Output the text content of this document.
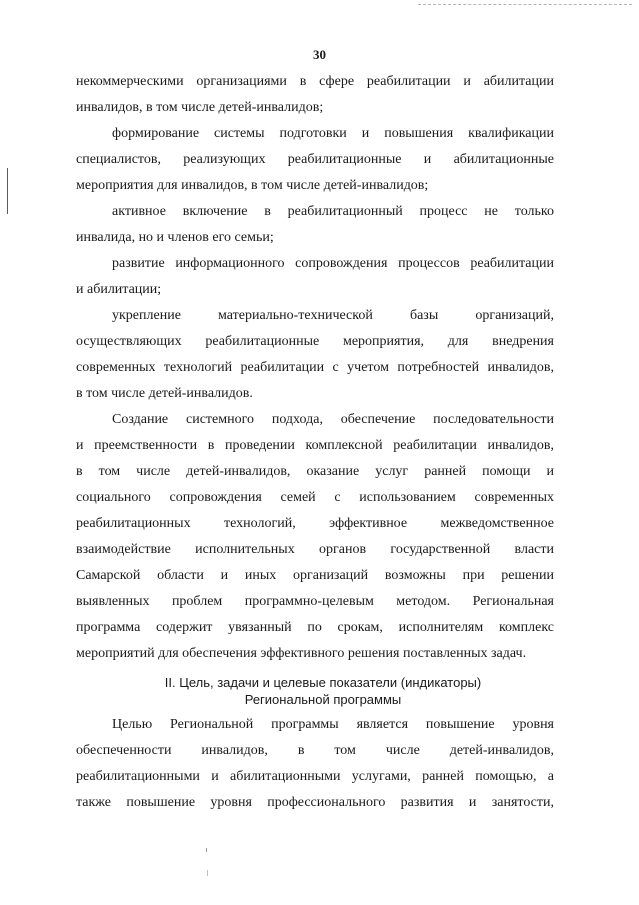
30
некоммерческими организациями в сфере реабилитации и абилитации
инвалидов, в том числе детей-инвалидов;
формирование системы подготовки и повышения квалификации
специалистов, реализующих реабилитационные и абилитационные
мероприятия для инвалидов, в том числе детей-инвалидов;
активное включение в реабилитационный процесс не только
инвалида, но и членов его семьи;
развитие информационного сопровождения процессов реабилитации
и абилитации;
укрепление материально-технической базы организаций,
осуществляющих реабилитационные мероприятия, для внедрения
современных технологий реабилитации с учетом потребностей инвалидов,
в том числе детей-инвалидов.
Создание системного подхода, обеспечение последовательности
и преемственности в проведении комплексной реабилитации инвалидов,
в том числе детей-инвалидов, оказание услуг ранней помощи и
социального сопровождения семей с использованием современных
реабилитационных технологий, эффективное межведомственное
взаимодействие исполнительных органов государственной власти
Самарской области и иных организаций возможны при решении
выявленных проблем программно-целевым методом. Региональная
программа содержит увязанный по срокам, исполнителям комплекс
мероприятий для обеспечения эффективного решения поставленных задач.
II. Цель, задачи и целевые показатели (индикаторы)
Региональной программы
Целью Региональной программы является повышение уровня
обеспеченности инвалидов, в том числе детей-инвалидов,
реабилитационными и абилитационными услугами, ранней помощью, а
также повышение уровня профессионального развития и занятости,
